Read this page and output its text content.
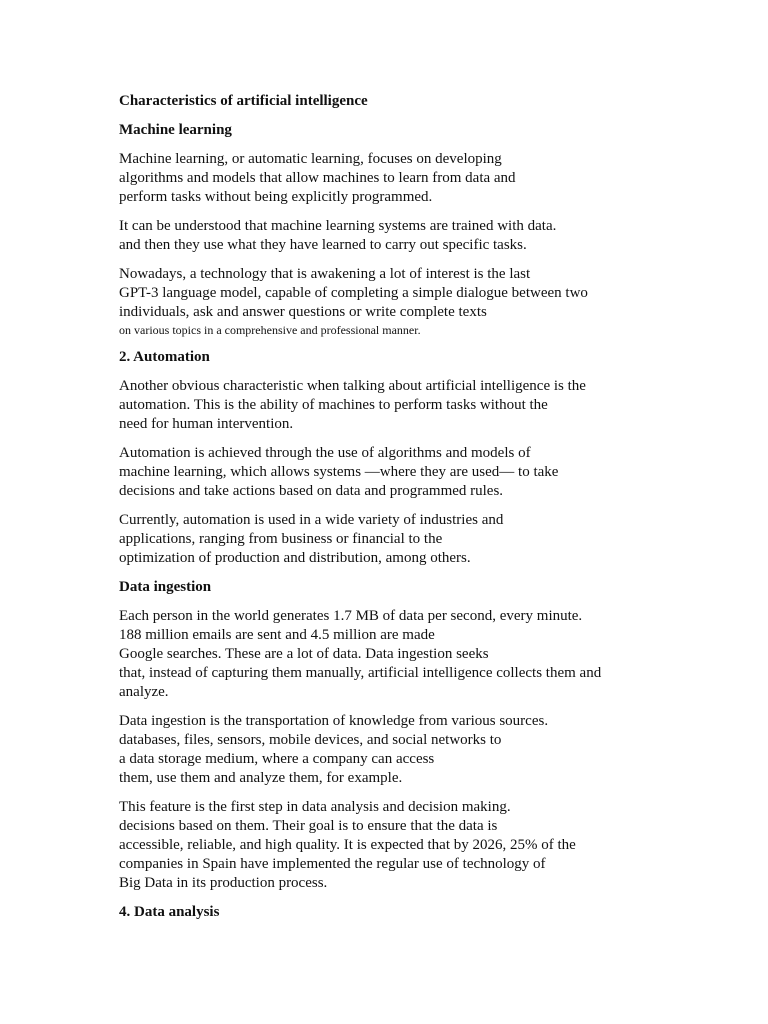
Characteristics of artificial intelligence
Machine learning
Machine learning, or automatic learning, focuses on developing
algorithms and models that allow machines to learn from data and
perform tasks without being explicitly programmed.
It can be understood that machine learning systems are trained with data.
and then they use what they have learned to carry out specific tasks.
Nowadays, a technology that is awakening a lot of interest is the last
GPT-3 language model, capable of completing a simple dialogue between two
individuals, ask and answer questions or write complete texts
on various topics in a comprehensive and professional manner.
2. Automation
Another obvious characteristic when talking about artificial intelligence is the
automation. This is the ability of machines to perform tasks without the
need for human intervention.
Automation is achieved through the use of algorithms and models of
machine learning, which allows systems —where they are used— to take
decisions and take actions based on data and programmed rules.
Currently, automation is used in a wide variety of industries and
applications, ranging from business or financial to the
optimization of production and distribution, among others.
Data ingestion
Each person in the world generates 1.7 MB of data per second, every minute.
188 million emails are sent and 4.5 million are made
Google searches. These are a lot of data. Data ingestion seeks
that, instead of capturing them manually, artificial intelligence collects them and
analyze.
Data ingestion is the transportation of knowledge from various sources.
databases, files, sensors, mobile devices, and social networks to
a data storage medium, where a company can access
them, use them and analyze them, for example.
This feature is the first step in data analysis and decision making.
decisions based on them. Their goal is to ensure that the data is
accessible, reliable, and high quality. It is expected that by 2026, 25% of the
companies in Spain have implemented the regular use of technology of
Big Data in its production process.
4. Data analysis
